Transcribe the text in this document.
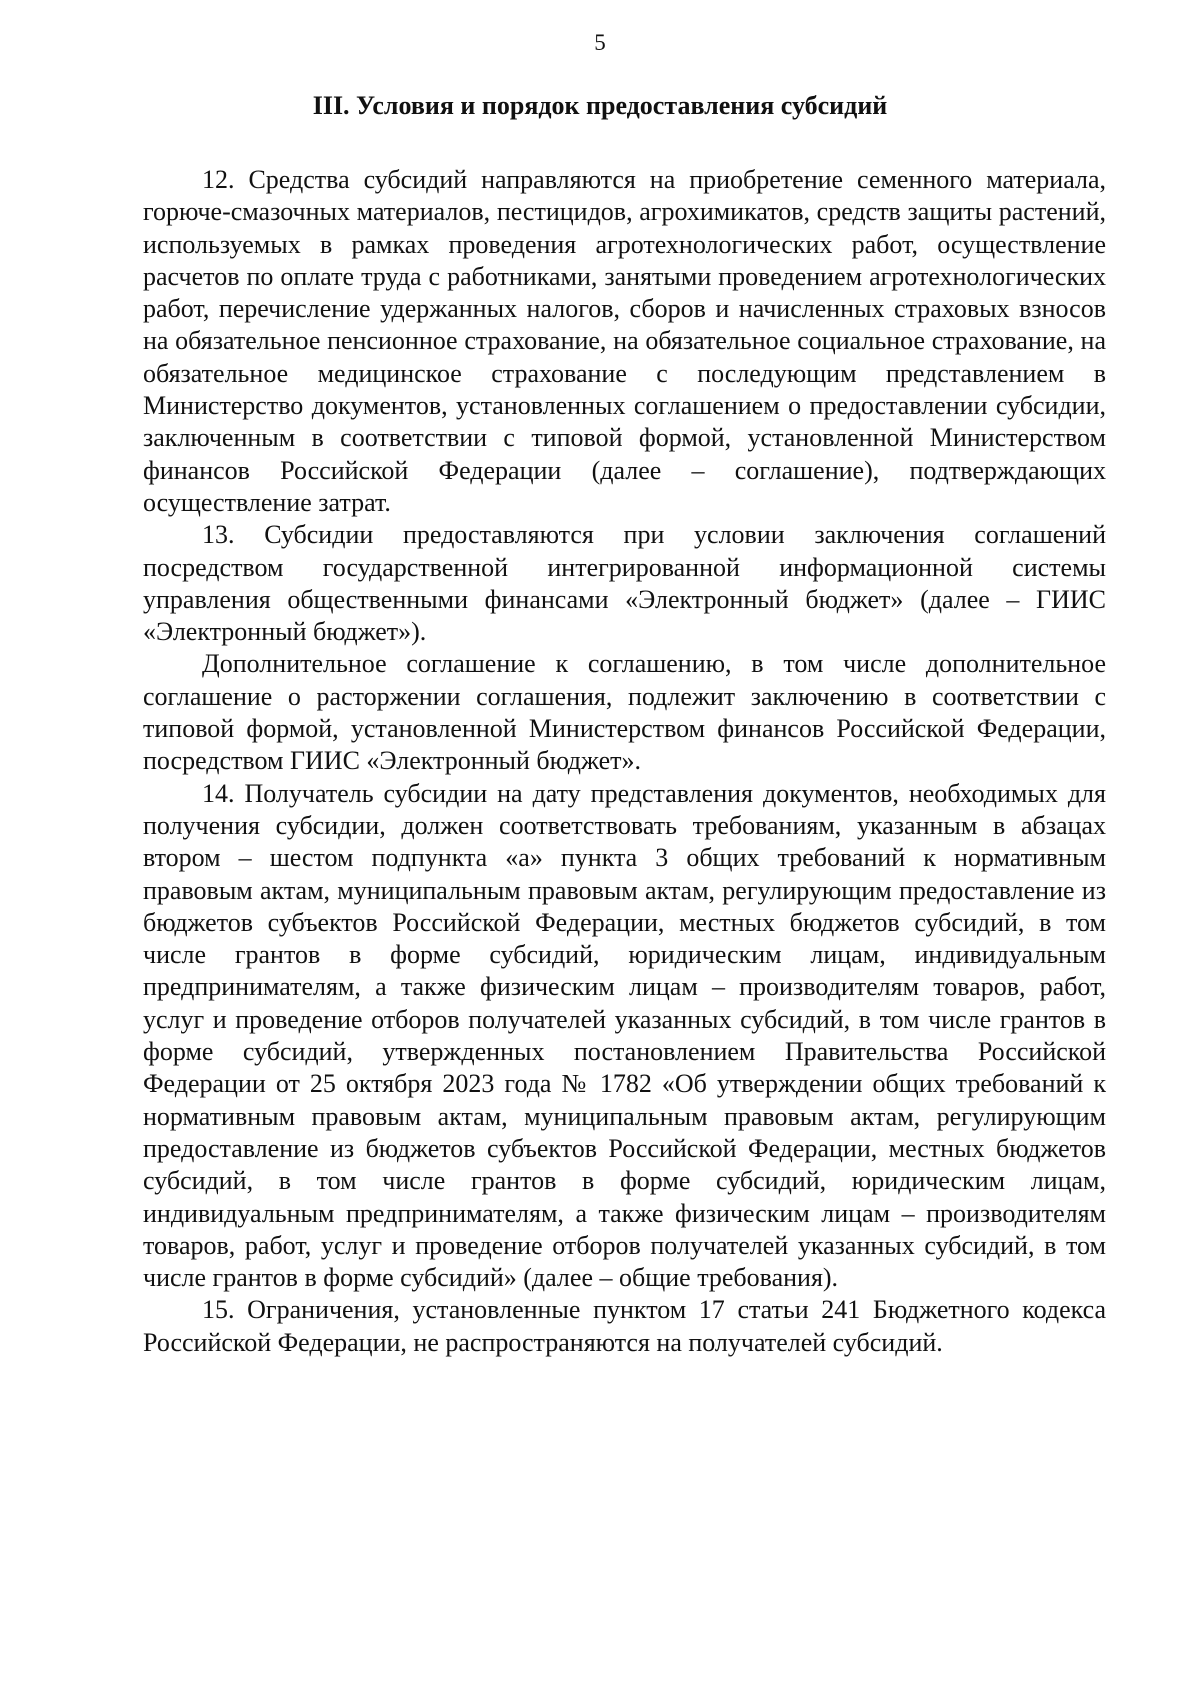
5
III. Условия и порядок предоставления субсидий

12. Средства субсидий направляются на приобретение семенного материала, горюче-смазочных материалов, пестицидов, агрохимикатов, средств защиты растений, используемых в рамках проведения агротехнологических работ, осуществление расчетов по оплате труда с работниками, занятыми проведением агротехнологических работ, перечисление удержанных налогов, сборов и начисленных страховых взносов на обязательное пенсионное страхование, на обязательное социальное страхование, на обязательное медицинское страхование с последующим представлением в Министерство документов, установленных соглашением о предоставлении субсидии, заключенным в соответствии с типовой формой, установленной Министерством финансов Российской Федерации (далее – соглашение), подтверждающих осуществление затрат.

13. Субсидии предоставляются при условии заключения соглашений посредством государственной интегрированной информационной системы управления общественными финансами «Электронный бюджет» (далее – ГИИС «Электронный бюджет»).

Дополнительное соглашение к соглашению, в том числе дополнительное соглашение о расторжении соглашения, подлежит заключению в соответствии с типовой формой, установленной Министерством финансов Российской Федерации, посредством ГИИС «Электронный бюджет».

14. Получатель субсидии на дату представления документов, необходимых для получения субсидии, должен соответствовать требованиям, указанным в абзацах втором – шестом подпункта «а» пункта 3 общих требований к нормативным правовым актам, муниципальным правовым актам, регулирующим предоставление из бюджетов субъектов Российской Федерации, местных бюджетов субсидий, в том числе грантов в форме субсидий, юридическим лицам, индивидуальным предпринимателям, а также физическим лицам – производителям товаров, работ, услуг и проведение отборов получателей указанных субсидий, в том числе грантов в форме субсидий, утвержденных постановлением Правительства Российской Федерации от 25 октября 2023 года № 1782 «Об утверждении общих требований к нормативным правовым актам, муниципальным правовым актам, регулирующим предоставление из бюджетов субъектов Российской Федерации, местных бюджетов субсидий, в том числе грантов в форме субсидий, юридическим лицам, индивидуальным предпринимателям, а также физическим лицам – производителям товаров, работ, услуг и проведение отборов получателей указанных субсидий, в том числе грантов в форме субсидий» (далее – общие требования).

15. Ограничения, установленные пунктом 17 статьи 241 Бюджетного кодекса Российской Федерации, не распространяются на получателей субсидий.
